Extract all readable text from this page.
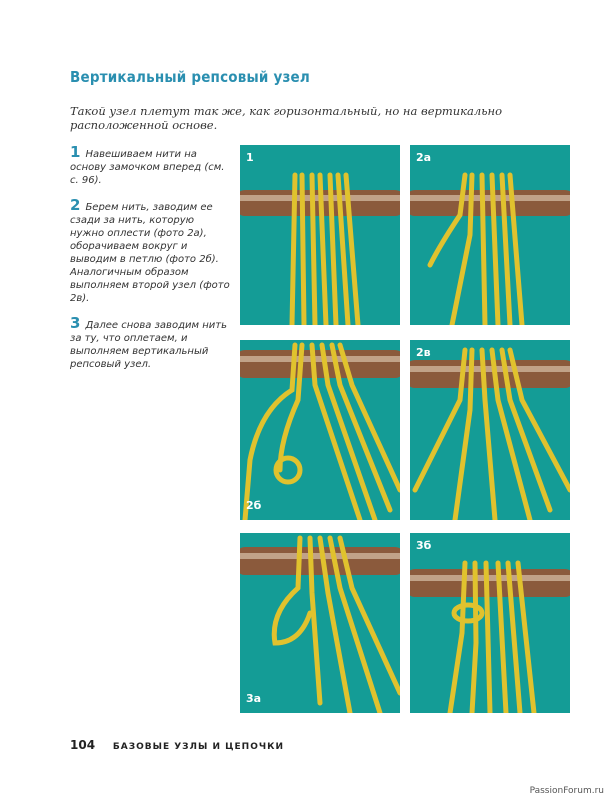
Вертикальный репсовый узел
Такой узел плетут так же, как горизонтальный, но на вертикально расположенной основе.
1 Навешиваем нити на основу замочком вперед (см. с. 96).
2 Берем нить, заводим ее сзади за нить, которую нужно оплести (фото 2а), оборачиваем вокруг и выводим в петлю (фото 2б). Аналогичным образом выполняем второй узел (фото 2в).
3 Далее снова заводим нить за ту, что оплетаем, и выполняем вертикальный репсовый узел.
1	2а
2б
2в
3а
3б
104 БАЗОВЫЕ УЗЛЫ И ЦЕПОЧКИ
PassionForum.ru
